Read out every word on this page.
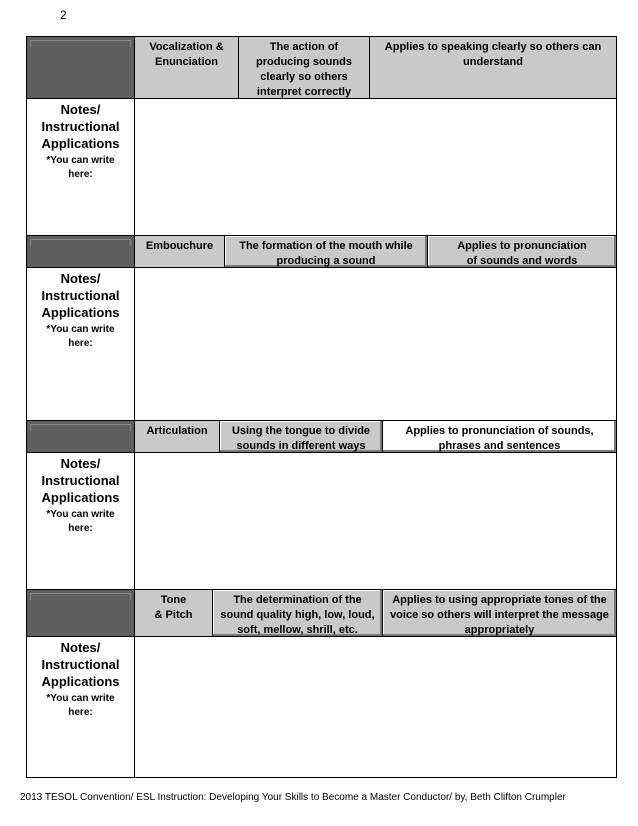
2
Vocalization &
Enunciation
The action of
producing sounds
clearly so others
interpret correctly
Applies to speaking clearly so others can
understand
Notes/
Instructional
Applications
*You can write
here:
Embouchure	The formation of the mouth while
producing a sound
Applies to pronunciation
of sounds and words
Notes/
Instructional
Applications
*You can write
here:
Articulation	Using the tongue to divide
sounds in different ways
Applies to pronunciation of sounds,
phrases and sentences
Notes/
Instructional
Applications
*You can write
here:
Tone
& Pitch
The determination of the
sound quality high, low, loud,
soft, mellow, shrill, etc.
Applies to using appropriate tones of the
voice so others will interpret the message
appropriately
Notes/
Instructional
Applications
*You can write
here:
2013 TESOL Convention/ ESL Instruction: Developing Your Skills to Become a Master Conductor/ by, Beth Clifton Crumpler
